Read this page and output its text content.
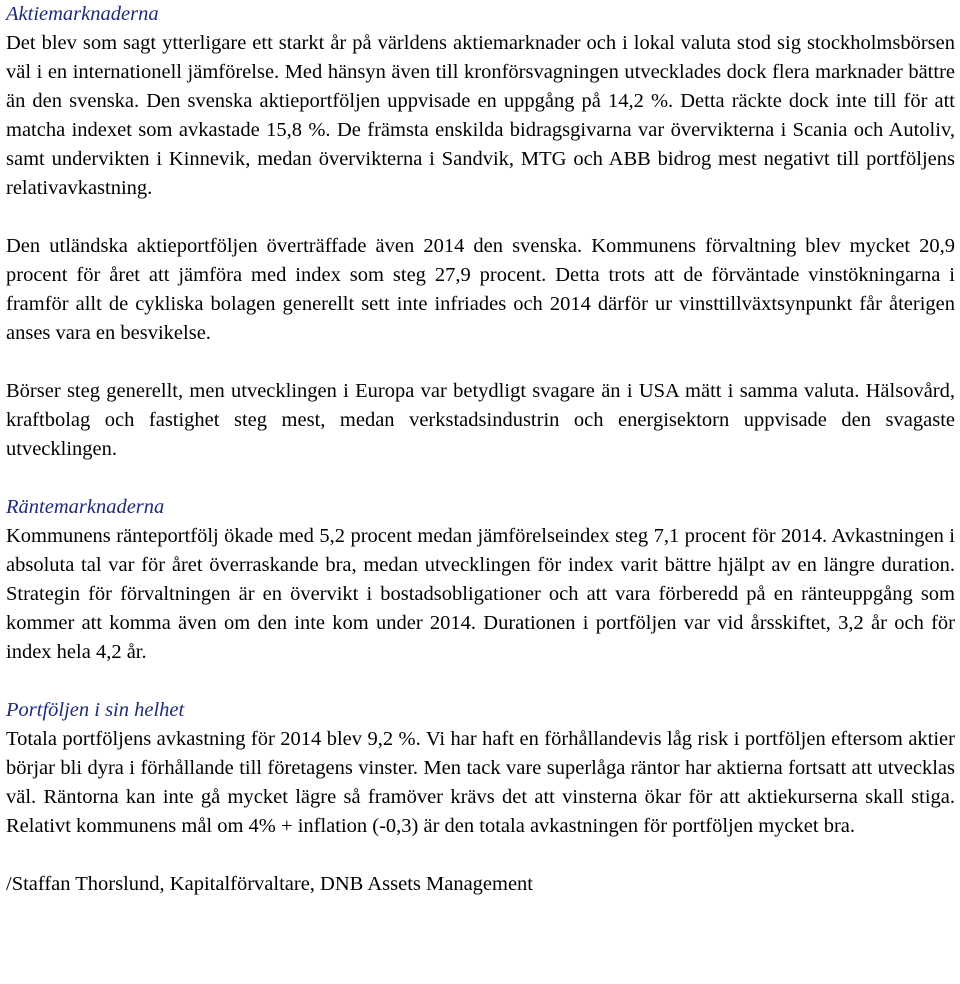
Aktiemarknaderna

Det blev som sagt ytterligare ett starkt år på världens aktiemarknader och i lokal valuta stod sig stockholmsbörsen väl i en internationell jämförelse. Med hänsyn även till kronförsvagningen utvecklades dock flera marknader bättre än den svenska. Den svenska aktieportföljen uppvisade en uppgång på 14,2 %. Detta räckte dock inte till för att matcha indexet som avkastade 15,8 %. De främsta enskilda bidragsgivarna var övervikterna i Scania och Autoliv, samt undervikten i Kinnevik, medan övervikterna i Sandvik, MTG och ABB bidrog mest negativt till portföljens relativavkastning.

Den utländska aktieportföljen överträffade även 2014 den svenska. Kommunens förvaltning blev mycket 20,9 procent för året att jämföra med index som steg 27,9 procent. Detta trots att de förväntade vinstökningarna i framför allt de cykliska bolagen generellt sett inte infriades och 2014 därför ur vinsttillväxtsynpunkt får återigen anses vara en besvikelse.

Börser steg generellt, men utvecklingen i Europa var betydligt svagare än i USA mätt i samma valuta. Hälsovård, kraftbolag och fastighet steg mest, medan verkstadsindustrin och energisektorn uppvisade den svagaste utvecklingen.

Räntemarknaderna

Kommunens ränteportfölj ökade med 5,2 procent medan jämförelseindex steg 7,1 procent för 2014. Avkastningen i absoluta tal var för året överraskande bra, medan utvecklingen för index varit bättre hjälpt av en längre duration. Strategin för förvaltningen är en övervikt i bostadsobligationer och att vara förberedd på en ränteuppgång som kommer att komma även om den inte kom under 2014. Durationen i portföljen var vid årsskiftet, 3,2 år och för index hela 4,2 år.

Portföljen i sin helhet

Totala portföljens avkastning för 2014 blev 9,2 %. Vi har haft en förhållandevis låg risk i portföljen eftersom aktier börjar bli dyra i förhållande till företagens vinster. Men tack vare superlåga räntor har aktierna fortsatt att utvecklas väl. Räntorna kan inte gå mycket lägre så framöver krävs det att vinsterna ökar för att aktiekurserna skall stiga. Relativt kommunens mål om 4% + inflation (-0,3) är den totala avkastningen för portföljen mycket bra.

/Staffan Thorslund, Kapitalförvaltare, DNB Assets Management
